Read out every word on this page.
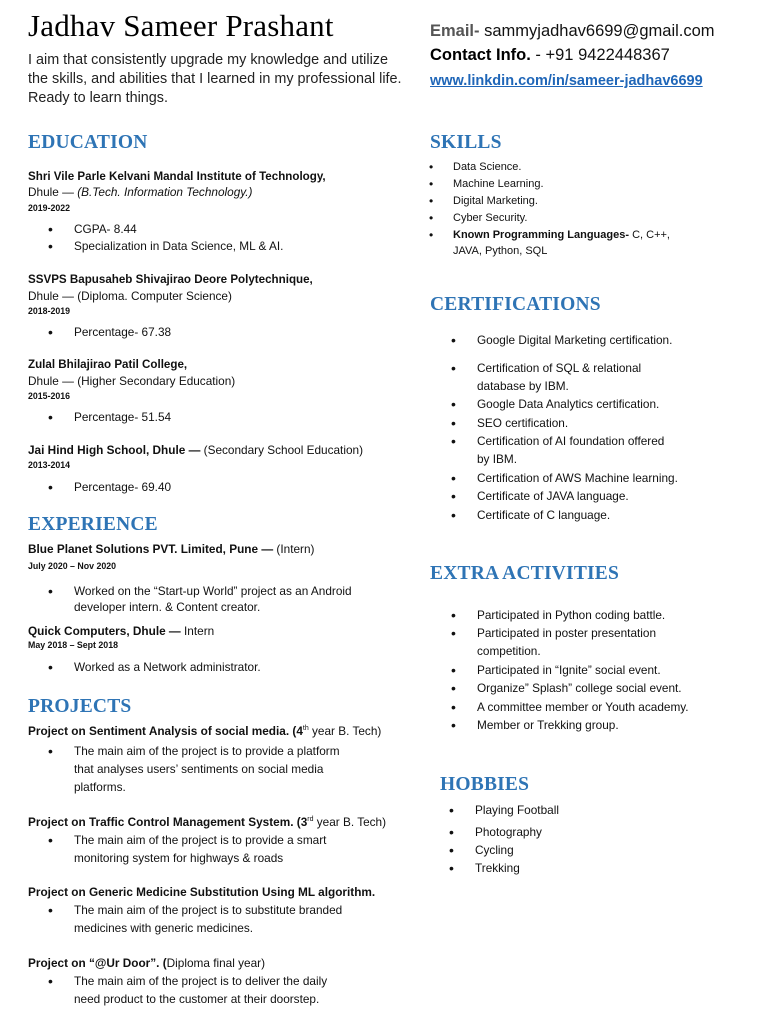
Jadhav Sameer Prashant
I aim that consistently upgrade my knowledge and utilize the skills, and abilities that I learned in my professional life. Ready to learn things.
Email- sammyjadhav6699@gmail.com
Contact Info. - +91 9422448367
www.linkdin.com/in/sameer-jadhav6699
EDUCATION
Shri Vile Parle Kelvani Mandal Institute of Technology,
Dhule — (B.Tech. Information Technology.)
2019-2022
• CGPA- 8.44
• Specialization in Data Science, ML & AI.
SSVPS Bapusaheb Shivajirao Deore Polytechnique,
Dhule — (Diploma. Computer Science)
2018-2019
• Percentage- 67.38
Zulal Bhilajirao Patil College,
Dhule — (Higher Secondary Education)
2015-2016
• Percentage- 51.54
Jai Hind High School, Dhule — (Secondary School Education)
2013-2014
• Percentage- 69.40
EXPERIENCE
Blue Planet Solutions PVT. Limited, Pune — (Intern)
July 2020 – Nov 2020
• Worked on the “Start-up World” project as an Android
developer intern. & Content creator.
Quick Computers, Dhule — Intern
May 2018 – Sept 2018
• Worked as a Network administrator.
PROJECTS
Project on Sentiment Analysis of social media. (4th year B. Tech)
• The main aim of the project is to provide a platform
that analyses users’ sentiments on social media
platforms.
Project on Traffic Control Management System. (3rd year B. Tech)
• The main aim of the project is to provide a smart
monitoring system for highways & roads
Project on Generic Medicine Substitution Using ML algorithm.
• The main aim of the project is to substitute branded
medicines with generic medicines.
Project on “@Ur Door”. (Diploma final year)
• The main aim of the project is to deliver the daily
need product to the customer at their doorstep.
SKILLS
• Data Science.
• Machine Learning.
• Digital Marketing.
• Cyber Security.
• Known Programming Languages- C, C++,
JAVA, Python, SQL
CERTIFICATIONS
• Google Digital Marketing certification.
• Certification of SQL & relational
database by IBM.
• Google Data Analytics certification.
• SEO certification.
• Certification of AI foundation offered
by IBM.
• Certification of AWS Machine learning.
• Certificate of JAVA language.
• Certificate of C language.
EXTRA ACTIVITIES
• Participated in Python coding battle.
• Participated in poster presentation
competition.
• Participated in “Ignite” social event.
• Organize” Splash” college social event.
• A committee member or Youth academy.
• Member or Trekking group.
HOBBIES
• Playing Football
• Photography
• Cycling
• Trekking
